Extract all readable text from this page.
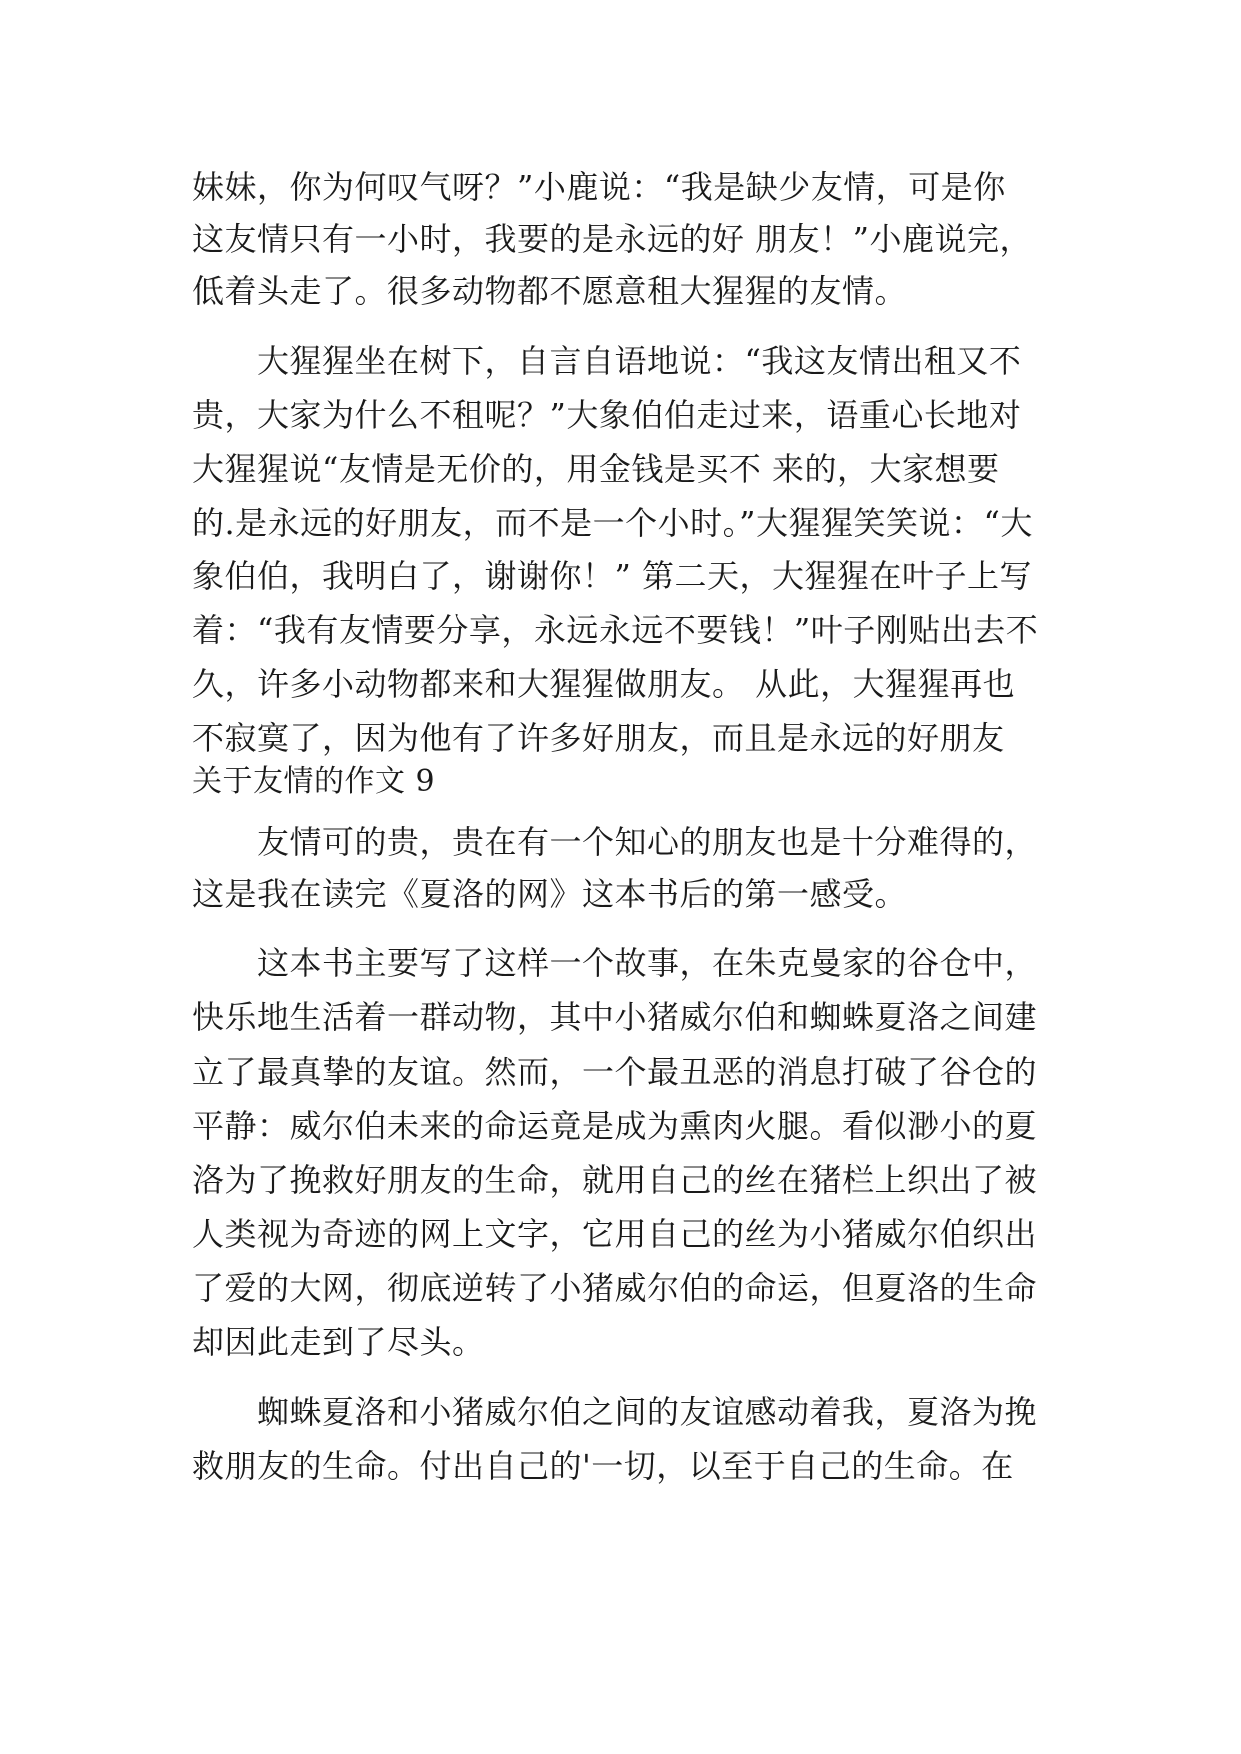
妹妹，你为何叹气呀？”小鹿说：“我是缺少友情，可是你
这友情只有一小时，我要的是永远的好 朋友！”小鹿说完，
低着头走了。很多动物都不愿意租大猩猩的友情。
　　大猩猩坐在树下，自言自语地说：“我这友情出租又不
贵，大家为什么不租呢？”大象伯伯走过来，语重心长地对
大猩猩说“友情是无价的，用金钱是买不 来的，大家想要
的.是永远的好朋友，而不是一个小时。”大猩猩笑笑说：“大
象伯伯，我明白了，谢谢你！” 第二天，大猩猩在叶子上写
着：“我有友情要分享，永远永远不要钱！”叶子刚贴出去不
久，许多小动物都来和大猩猩做朋友。 从此，大猩猩再也
不寂寞了，因为他有了许多好朋友，而且是永远的好朋友
关于友情的作文 9
　　友情可的贵，贵在有一个知心的朋友也是十分难得的，
这是我在读完《夏洛的网》这本书后的第一感受。
　　这本书主要写了这样一个故事，在朱克曼家的谷仓中，
快乐地生活着一群动物，其中小猪威尔伯和蜘蛛夏洛之间建
立了最真挚的友谊。然而，一个最丑恶的消息打破了谷仓的
平静：威尔伯未来的命运竟是成为熏肉火腿。看似渺小的夏
洛为了挽救好朋友的生命，就用自己的丝在猪栏上织出了被
人类视为奇迹的网上文字，它用自己的丝为小猪威尔伯织出
了爱的大网，彻底逆转了小猪威尔伯的命运，但夏洛的生命
却因此走到了尽头。
　　蜘蛛夏洛和小猪威尔伯之间的友谊感动着我，夏洛为挽
救朋友的生命。付出自己的'一切，以至于自己的生命。在
